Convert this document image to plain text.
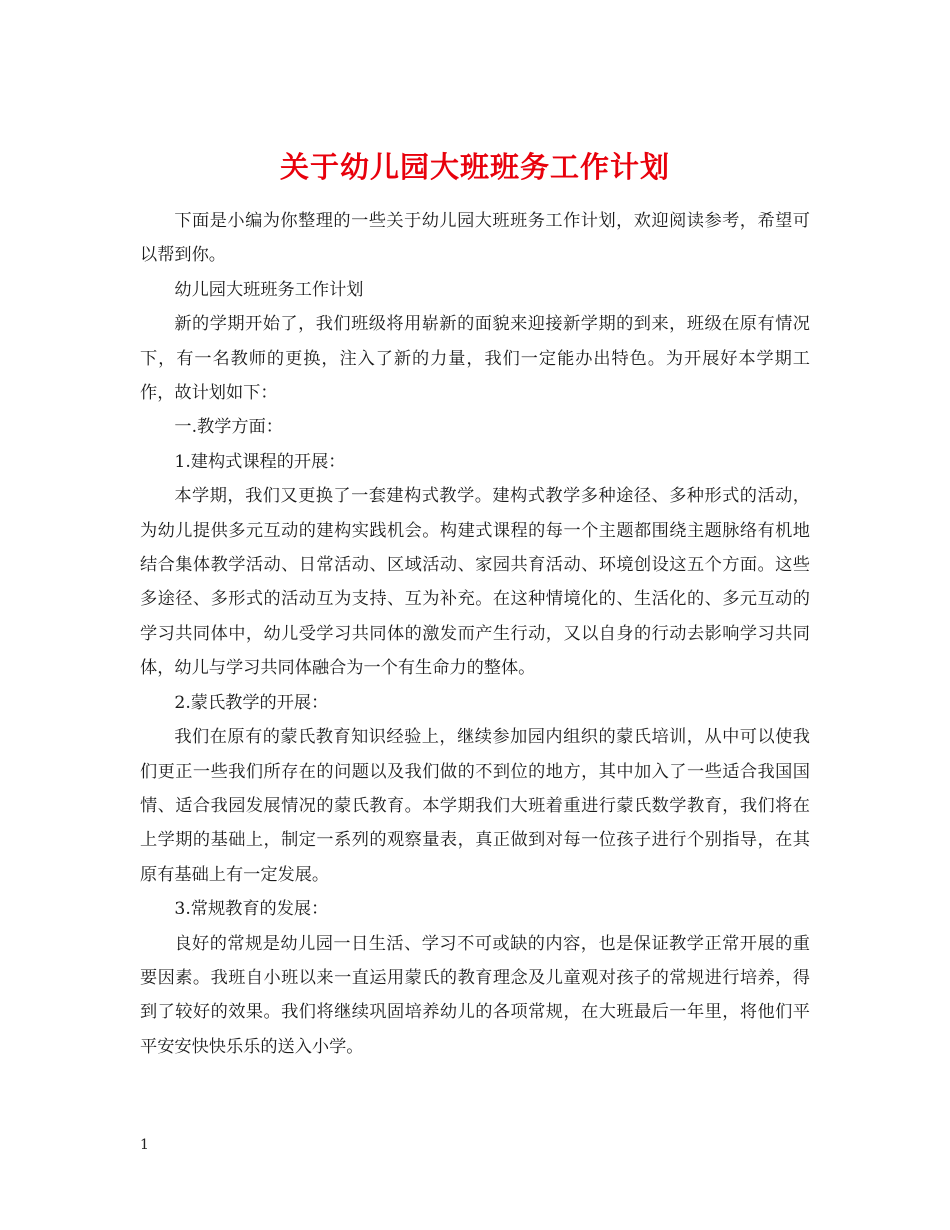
关于幼儿园大班班务工作计划

下面是小编为你整理的一些关于幼儿园大班班务工作计划，欢迎阅读参考，希望可以帮到你。

幼儿园大班班务工作计划

新的学期开始了，我们班级将用崭新的面貌来迎接新学期的到来，班级在原有情况下，有一名教师的更换，注入了新的力量，我们一定能办出特色。为开展好本学期工作，故计划如下：

一.教学方面：

1.建构式课程的开展：

本学期，我们又更换了一套建构式教学。建构式教学多种途径、多种形式的活动，为幼儿提供多元互动的建构实践机会。构建式课程的每一个主题都围绕主题脉络有机地结合集体教学活动、日常活动、区域活动、家园共育活动、环境创设这五个方面。这些多途径、多形式的活动互为支持、互为补充。在这种情境化的、生活化的、多元互动的学习共同体中，幼儿受学习共同体的激发而产生行动，又以自身的行动去影响学习共同体，幼儿与学习共同体融合为一个有生命力的整体。

2.蒙氏教学的开展：

我们在原有的蒙氏教育知识经验上，继续参加园内组织的蒙氏培训，从中可以使我们更正一些我们所存在的问题以及我们做的不到位的地方，其中加入了一些适合我国国情、适合我园发展情况的蒙氏教育。本学期我们大班着重进行蒙氏数学教育，我们将在上学期的基础上，制定一系列的观察量表，真正做到对每一位孩子进行个别指导，在其原有基础上有一定发展。

3.常规教育的发展：

良好的常规是幼儿园一日生活、学习不可或缺的内容，也是保证教学正常开展的重要因素。我班自小班以来一直运用蒙氏的教育理念及儿童观对孩子的常规进行培养，得到了较好的效果。我们将继续巩固培养幼儿的各项常规，在大班最后一年里，将他们平平安安快快乐乐的送入小学。

1
